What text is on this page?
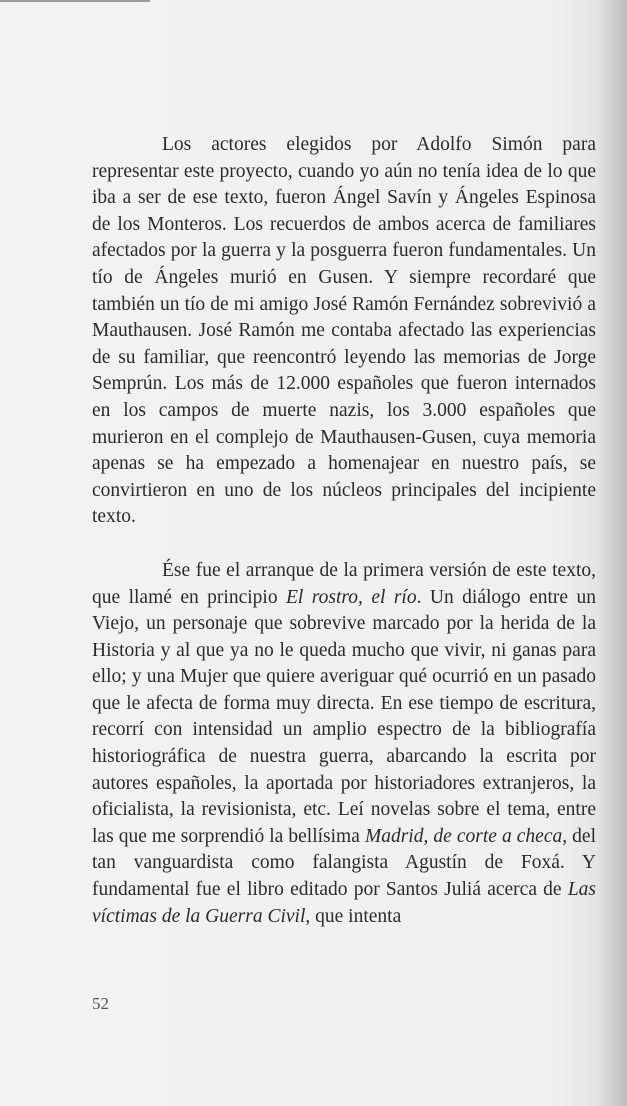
Los actores elegidos por Adolfo Simón para representar este proyecto, cuando yo aún no tenía idea de lo que iba a ser de ese texto, fueron Ángel Savín y Ángeles Espinosa de los Monteros. Los recuerdos de ambos acerca de familiares afectados por la guerra y la posguerra fueron fundamentales. Un tío de Ángeles murió en Gusen. Y siempre recordaré que también un tío de mi amigo José Ramón Fernández sobrevivió a Mauthausen. José Ramón me contaba afectado las experiencias de su familiar, que reencontró leyendo las memorias de Jorge Semprún. Los más de 12.000 españoles que fueron internados en los campos de muerte nazis, los 3.000 españoles que murieron en el complejo de Mauthausen-Gusen, cuya memoria apenas se ha empezado a homenajear en nuestro país, se convirtieron en uno de los núcleos principales del incipiente texto.

Ése fue el arranque de la primera versión de este texto, que llamé en principio El rostro, el río. Un diálogo entre un Viejo, un personaje que sobrevive marcado por la herida de la Historia y al que ya no le queda mucho que vivir, ni ganas para ello; y una Mujer que quiere averiguar qué ocurrió en un pasado que le afecta de forma muy directa. En ese tiempo de escritura, recorrí con intensidad un amplio espectro de la bibliografía historiográfica de nuestra guerra, abarcando la escrita por autores españoles, la aportada por historiadores extranjeros, la oficialista, la revisionista, etc. Leí novelas sobre el tema, entre las que me sorprendió la bellísima Madrid, de corte a checa, del tan vanguardista como falangista Agustín de Foxá. Y fundamental fue el libro editado por Santos Juliá acerca de Las víctimas de la Guerra Civil, que intenta

52
